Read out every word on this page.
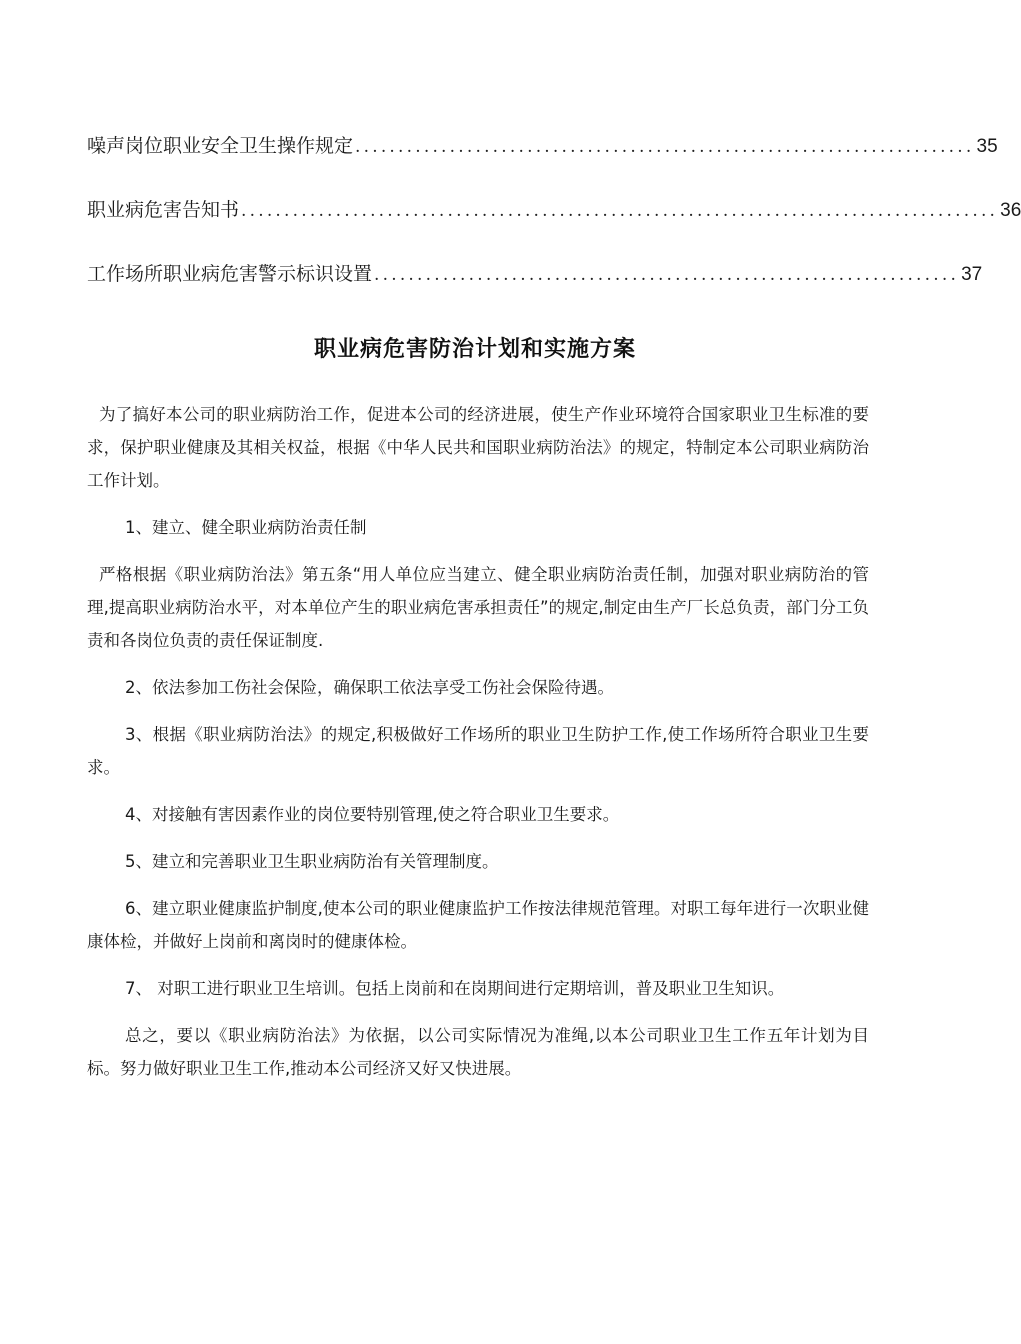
噪声岗位职业安全卫生操作规定 ........................................................................ 35
职业病危害告知书 ........................................................................................ 36
工作场所职业病危害警示标识设置 .................................................................... 37
职业病危害防治计划和实施方案

为了搞好本公司的职业病防治工作，促进本公司的经济进展，使生产作业环境符合国家职业卫生标准的要求，保护职业健康及其相关权益，根据《中华人民共和国职业病防治法》的规定，特制定本公司职业病防治工作计划。

1、建立、健全职业病防治责任制

严格根据《职业病防治法》第五条“用人单位应当建立、健全职业病防治责任制，加强对职业病防治的管理,提高职业病防治水平，对本单位产生的职业病危害承担责任”的规定,制定由生产厂长总负责，部门分工负责和各岗位负责的责任保证制度.

2、依法参加工伤社会保险，确保职工依法享受工伤社会保险待遇。

3、根据《职业病防治法》的规定,积极做好工作场所的职业卫生防护工作,使工作场所符合职业卫生要求。

4、对接触有害因素作业的岗位要特别管理,使之符合职业卫生要求。

5、建立和完善职业卫生职业病防治有关管理制度。

6、建立职业健康监护制度,使本公司的职业健康监护工作按法律规范管理。对职工每年进行一次职业健康体检，并做好上岗前和离岗时的健康体检。

7、 对职工进行职业卫生培训。包括上岗前和在岗期间进行定期培训，普及职业卫生知识。

总之，要以《职业病防治法》为依据，以公司实际情况为准绳,以本公司职业卫生工作五年计划为目标。努力做好职业卫生工作,推动本公司经济又好又快进展。
